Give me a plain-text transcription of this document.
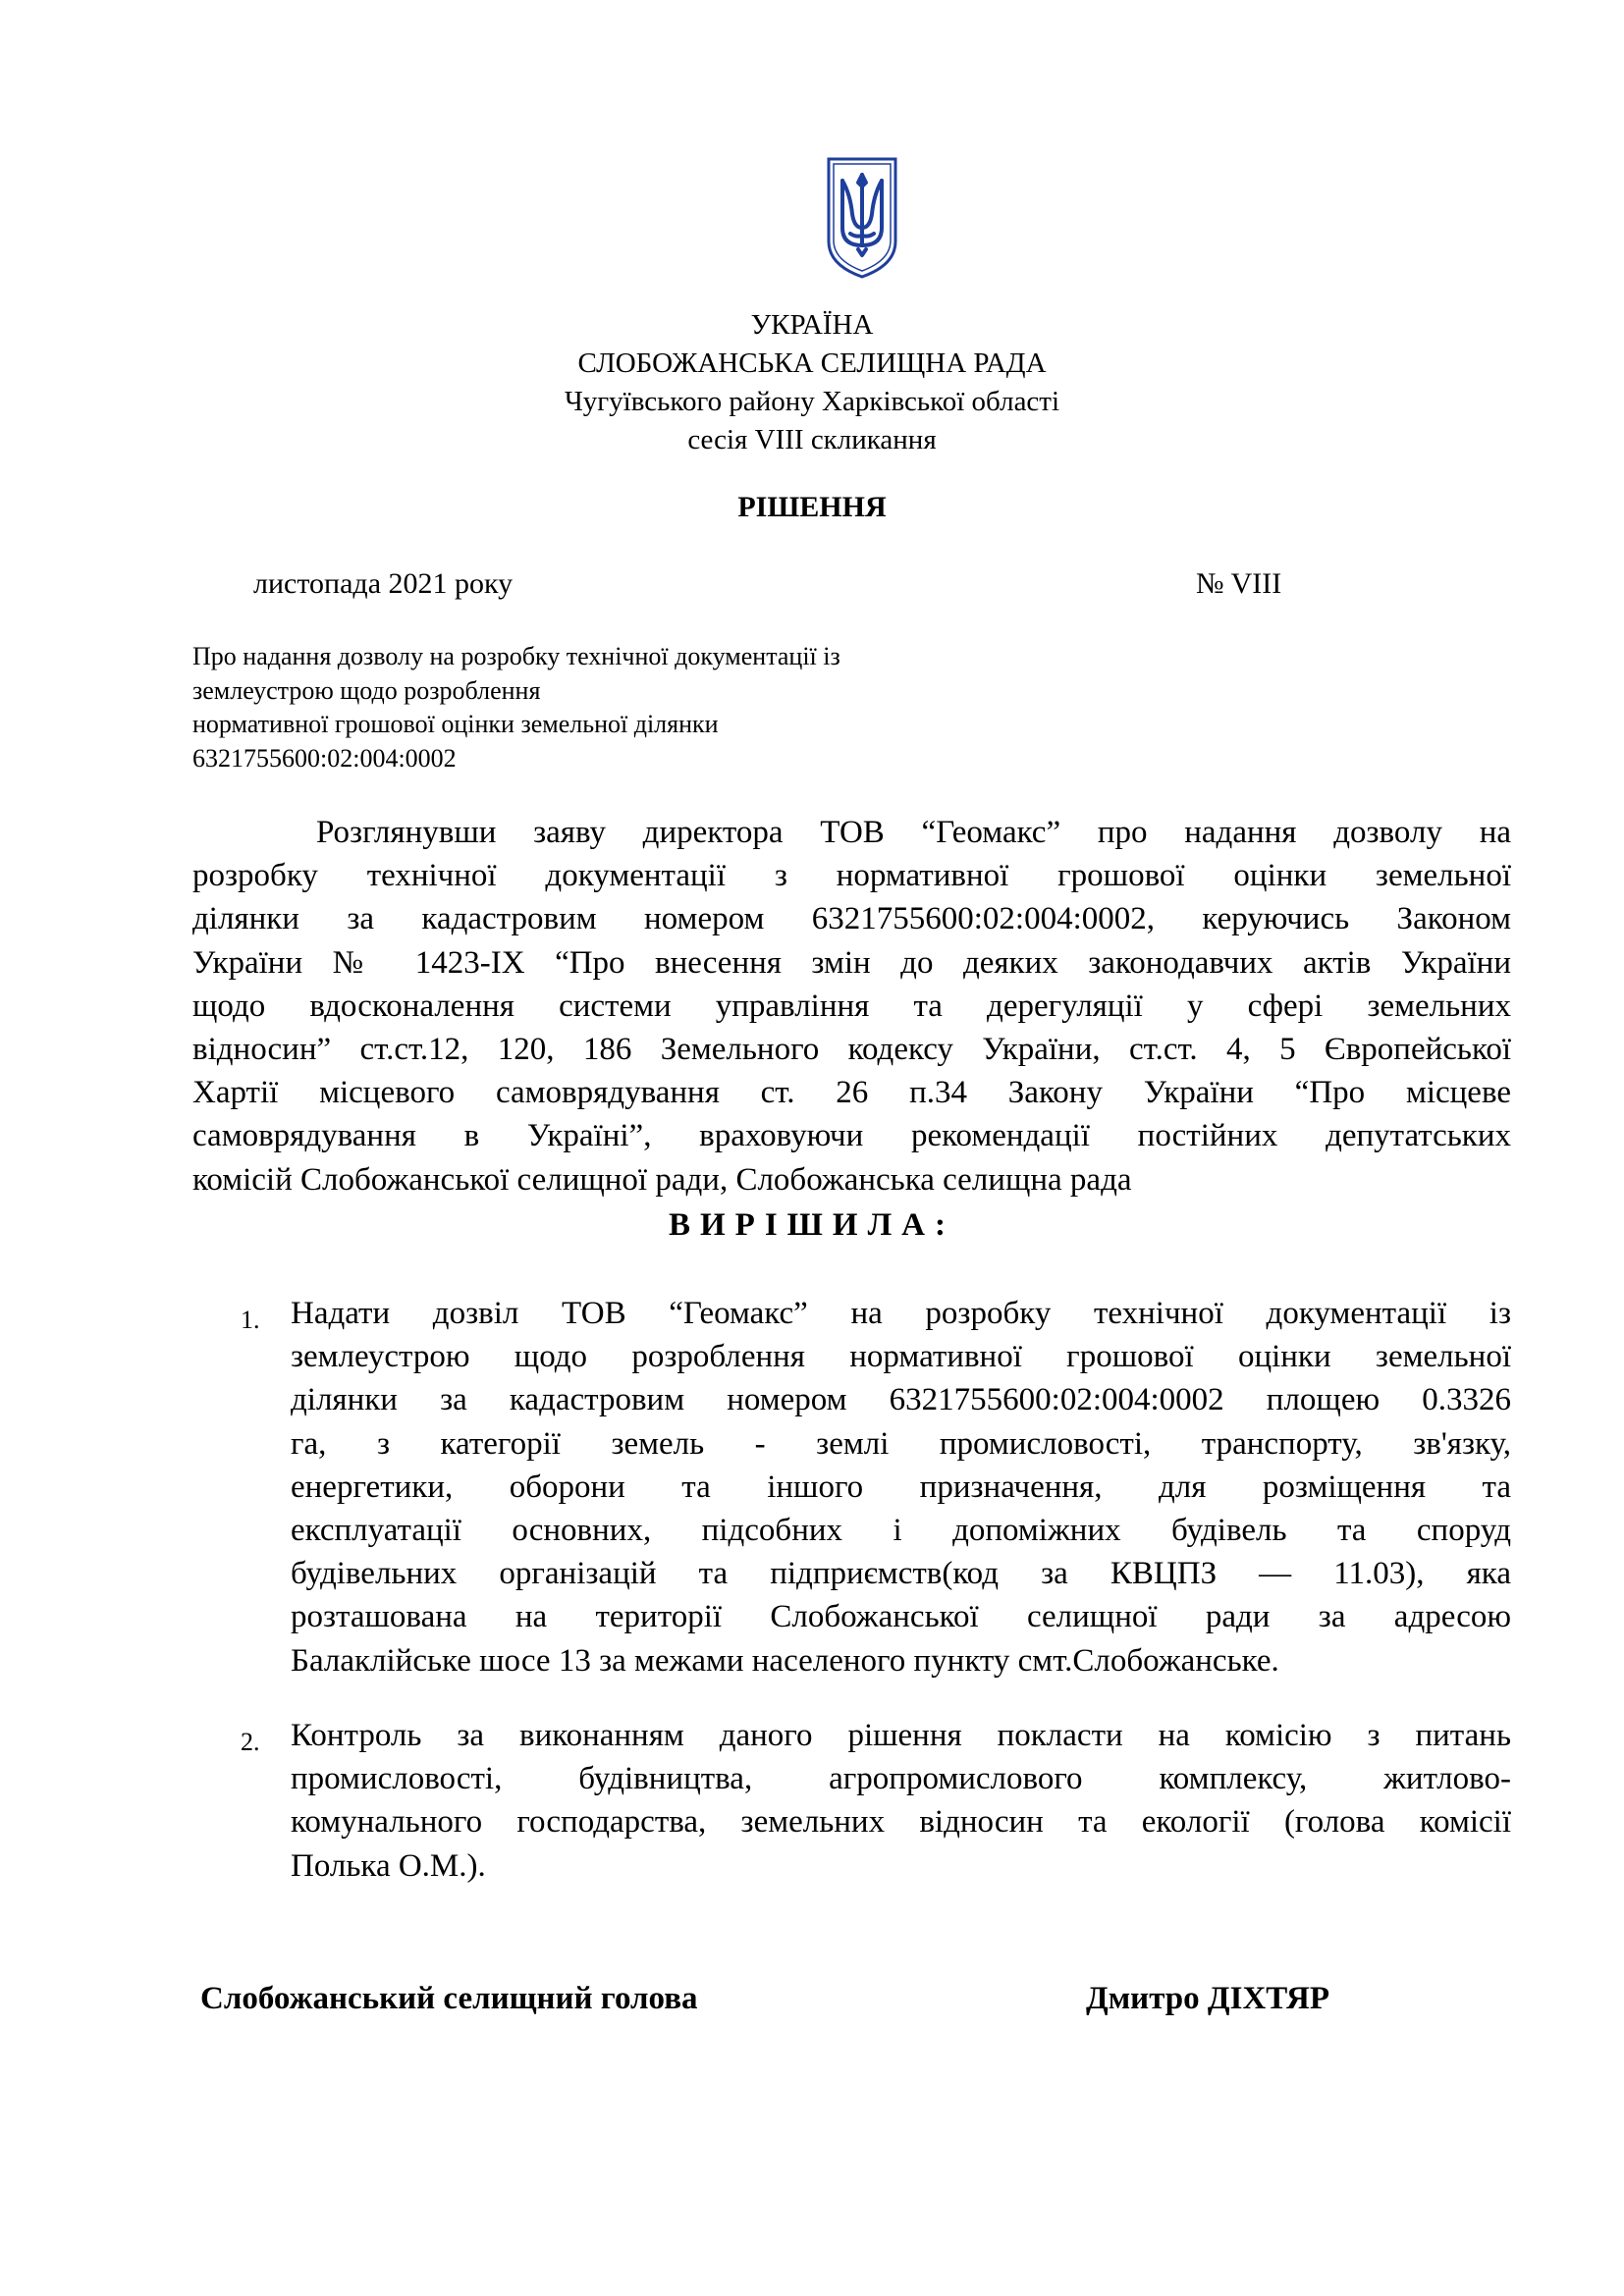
УКРАЇНА
СЛОБОЖАНСЬКА СЕЛИЩНА РАДА
Чугуївського району Харківської області
сесія VIII скликання
РІШЕННЯ
листопада 2021 року	№ VIII
Про надання дозволу на розробку технічної документації із
землеустрою щодо розроблення
нормативної грошової оцінки земельної ділянки
6321755600:02:004:0002
Розглянувши заяву директора ТОВ “Геомакс” про надання дозволу на
розробку технічної документації з нормативної грошової оцінки земельної
ділянки за кадастровим номером 6321755600:02:004:0002, керуючись Законом
України № 1423-IX “Про внесення змін до деяких законодавчих актів України
щодо вдосконалення системи управління та дерегуляції у сфері земельних
відносин” ст.ст.12, 120, 186 Земельного кодексу України, ст.ст. 4, 5 Європейської
Хартії місцевого самоврядування ст. 26 п.34 Закону України “Про місцеве
самоврядування в Україні”, враховуючи рекомендації постійних депутатських
комісій Слобожанської селищної ради, Слобожанська селищна рада
ВИРІШИЛА:
1. Надати дозвіл ТОВ “Геомакс” на розробку технічної документації із
землеустрою щодо розроблення нормативної грошової оцінки земельної
ділянки за кадастровим номером 6321755600:02:004:0002 площею 0.3326
га, з категорії земель - землі промисловості, транспорту, зв'язку,
енергетики, оборони та іншого призначення, для розміщення та
експлуатації основних, підсобних і допоміжних будівель та споруд
будівельних організацій та підприємств(код за КВЦПЗ — 11.03), яка
розташована на території Слобожанської селищної ради за адресою
Балаклійське шосе 13 за межами населеного пункту смт.Слобожанське.
2. Контроль за виконанням даного рішення покласти на комісію з питань
промисловості, будівництва, агропромислового комплексу, житлово-
комунального господарства, земельних відносин та екології (голова комісії
Полька О.М.).
Слобожанський селищний голова	Дмитро ДІХТЯР
